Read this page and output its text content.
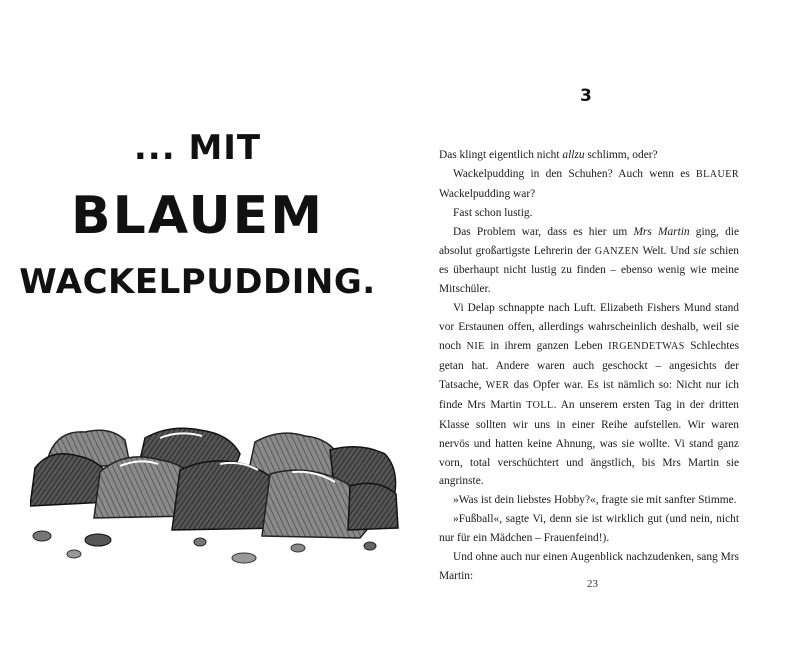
... MIT
BLAUEM
WACKELPUDDING.
3

Das klingt eigentlich nicht allzu schlimm, oder?

Wackelpudding in den Schuhen? Auch wenn es BLAUER Wackelpudding war?

Fast schon lustig.

Das Problem war, dass es hier um Mrs Martin ging, die absolut großartigste Lehrerin der GANZEN Welt. Und sie schien es überhaupt nicht lustig zu finden – ebenso wenig wie meine Mitschüler.

Vi Delap schnappte nach Luft. Elizabeth Fishers Mund stand vor Erstaunen offen, allerdings wahrscheinlich deshalb, weil sie noch NIE in ihrem ganzen Leben IRGENDETWAS Schlechtes getan hat. Andere waren auch geschockt – angesichts der Tatsache, WER das Opfer war. Es ist nämlich so: Nicht nur ich finde Mrs Martin TOLL. An unserem ersten Tag in der dritten Klasse sollten wir uns in einer Reihe aufstellen. Wir waren nervös und hatten keine Ahnung, was sie wollte. Vi stand ganz vorn, total verschüchtert und ängstlich, bis Mrs Martin sie angrinste.

»Was ist dein liebstes Hobby?«, fragte sie mit sanfter Stimme.

»Fußball«, sagte Vi, denn sie ist wirklich gut (und nein, nicht nur für ein Mädchen – Frauenfeind!).

Und ohne auch nur einen Augenblick nachzudenken, sang Mrs Martin:

23
